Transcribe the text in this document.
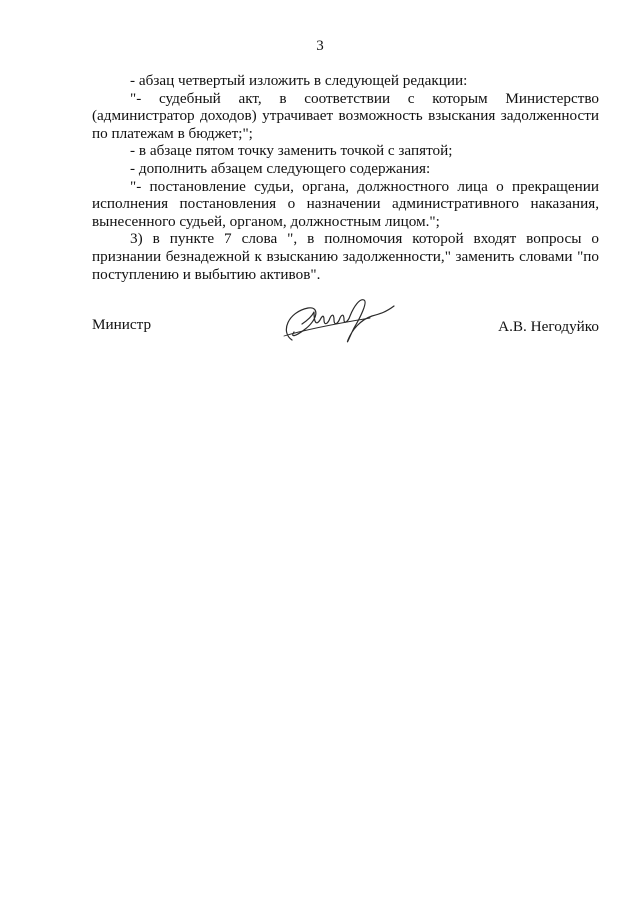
3

- абзац четвертый изложить в следующей редакции:

"- судебный акт, в соответствии с которым Министерство (администратор доходов) утрачивает возможность взыскания задолженности по платежам в бюджет;";

- в абзаце пятом точку заменить точкой с запятой;

- дополнить абзацем следующего содержания:

"- постановление судьи, органа, должностного лица о прекращении исполнения постановления о назначении административного наказания, вынесенного судьей, органом, должностным лицом.";

3) в пункте 7 слова ", в полномочия которой входят вопросы о признании безнадежной к взысканию задолженности," заменить словами "по поступлению и выбытию активов".

Министр	А.В. Негодуйко
